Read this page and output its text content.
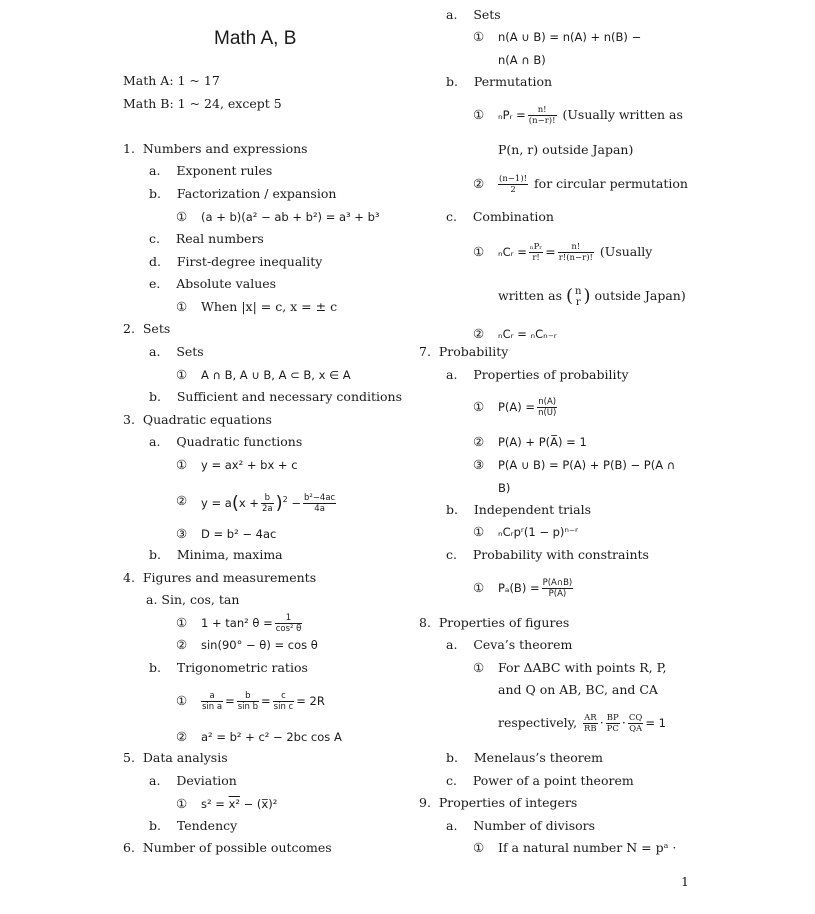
Math A, B
Math A: 1 ~ 17
Math B: 1 ~ 24, except 5
1.  Numbers and expressions
a.    Exponent rules
b.    Factorization / expansion
① (a + b)(a² − ab + b²) = a³ + b³
c.    Real numbers
d.    First-degree inequality
e.    Absolute values
① When |x| = c, x = ± c
2.  Sets
a.    Sets
① A ∩ B, A ∪ B, A ⊂ B, x ∈ A
b.    Sufficient and necessary conditions
3.  Quadratic equations
a.    Quadratic functions
① y = ax² + bx + c
② $y = a(x + \frac{b}{2a} )^2 - \frac{\text{b²−4ac}}{4a}$
③ D = b² − 4ac
b.    Minima, maxima
4.  Figures and measurements
a. Sin, cos, tan
① 1 + tan² $\theta = \frac{1}{\text{cos² θ}}$
② sin(90° − θ) = cos θ
b.    Trigonometric ratios
① $\frac{a}{\text{sin a}} = \frac{b}{\text{sin b}} = \frac{c}{\text{sin c}} = 2R$
② a² = b² + c² − 2bc cos A
5.  Data analysis
a.    Deviation
① s² = x² − (x̅)²
b.    Tendency
6.  Number of possible outcomes
a.    Sets
① n(A ∪ B) = n(A) + n(B) −
n(A ∩ B)
b.    Permutation
① ₙPᵣ = $\frac{n!}{(n-r)!}$ (Usually written as
P(n, r) outside Japan)
② $\frac{(n-1)!}{2}$ for circular permutation
c.    Combination
① ₙCᵣ = $\frac{\text{ₙPᵣ}}{r!} = \frac{n!}{r!(n-r)!}$ (Usually
written as ( n
r ) outside Japan)
② ₙCᵣ = ₙCₙ₋ᵣ
7.  Probability
a.    Properties of probability
① $P(A) = \frac{n(A)}{n(U)}$
② P(A) + P(A̅) = 1
③ P(A ∪ B) = P(A) + P(B) − P(A ∩
B)
b.    Independent trials
① ₙCᵣpʳ(1 − p)ⁿ⁻ʳ
c.    Probability with constraints
① $P_a(B) = \frac{P(A\cap B)}{P(A)}$
8.  Properties of figures
a.    Ceva’s theorem
① For ΔABC with points R, P,
and Q on AB, BC, and CA
respectively, $\frac{AR}{RB} \cdot \frac{BP}{PC} \cdot \frac{CQ}{QA} = 1$
b.    Menelaus’s theorem
c.    Power of a point theorem
9.  Properties of integers
a.    Number of divisors
① If a natural number N = pᵃ ·
1
